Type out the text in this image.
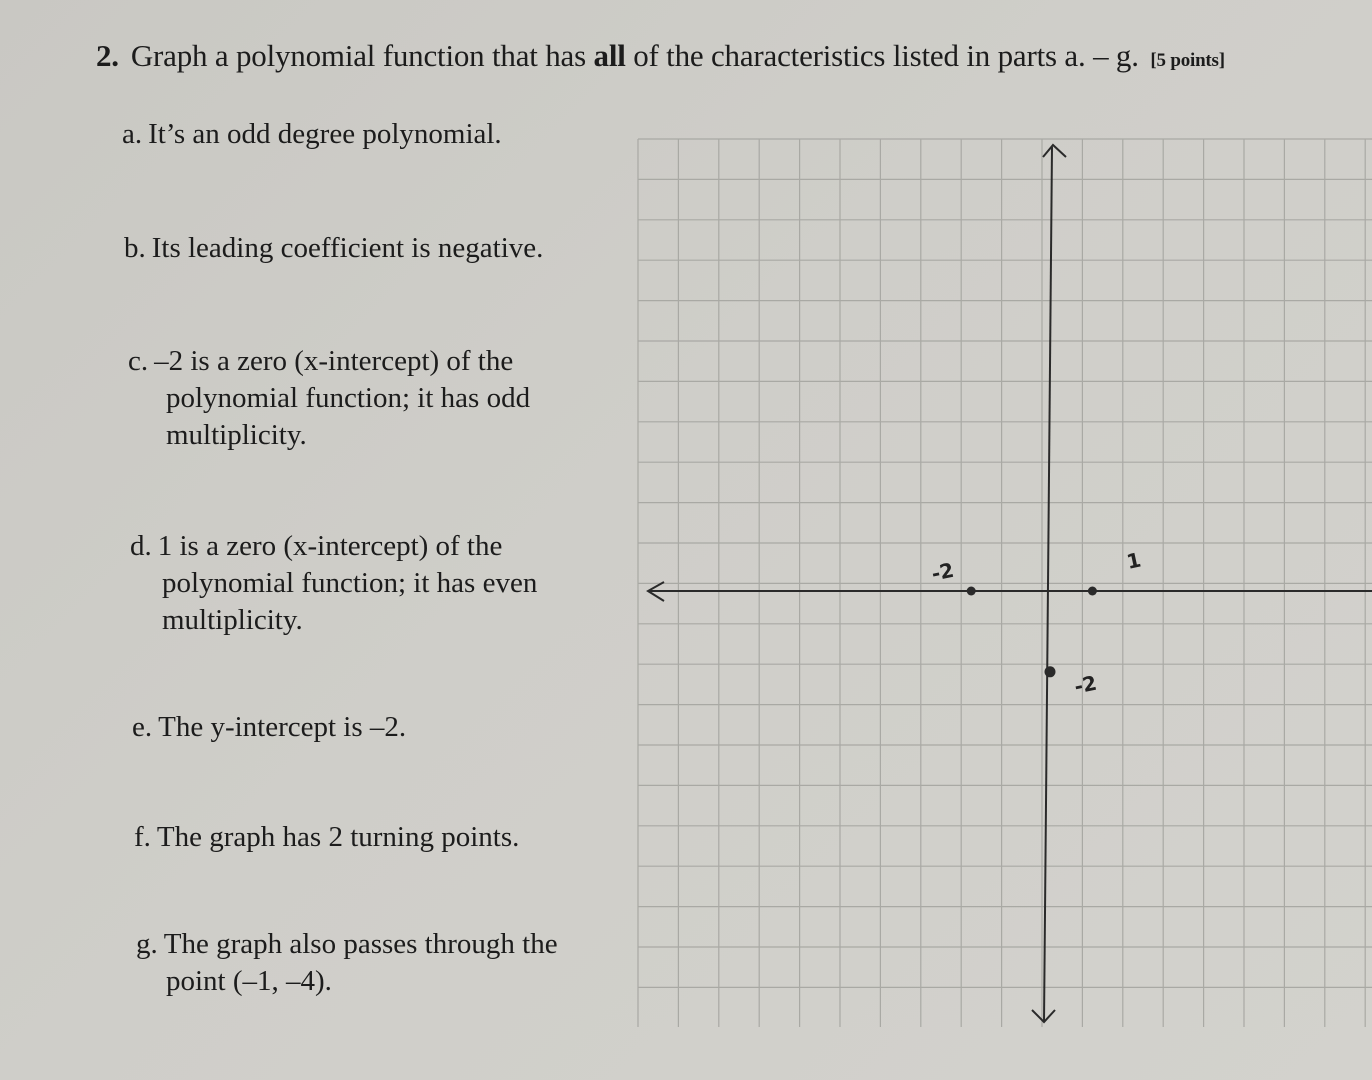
2. Graph a polynomial function that has all of the characteristics listed in parts a. – g. [5 points]
a. It’s an odd degree polynomial.
b. Its leading coefficient is negative.
c. –2 is a zero (x-intercept) of the
polynomial function; it has odd
multiplicity.
d. 1 is a zero (x-intercept) of the
polynomial function; it has even
multiplicity.
e. The y-intercept is –2.
f. The graph has 2 turning points.
g. The graph also passes through the
point (–1, –4).
-2	1
-2
